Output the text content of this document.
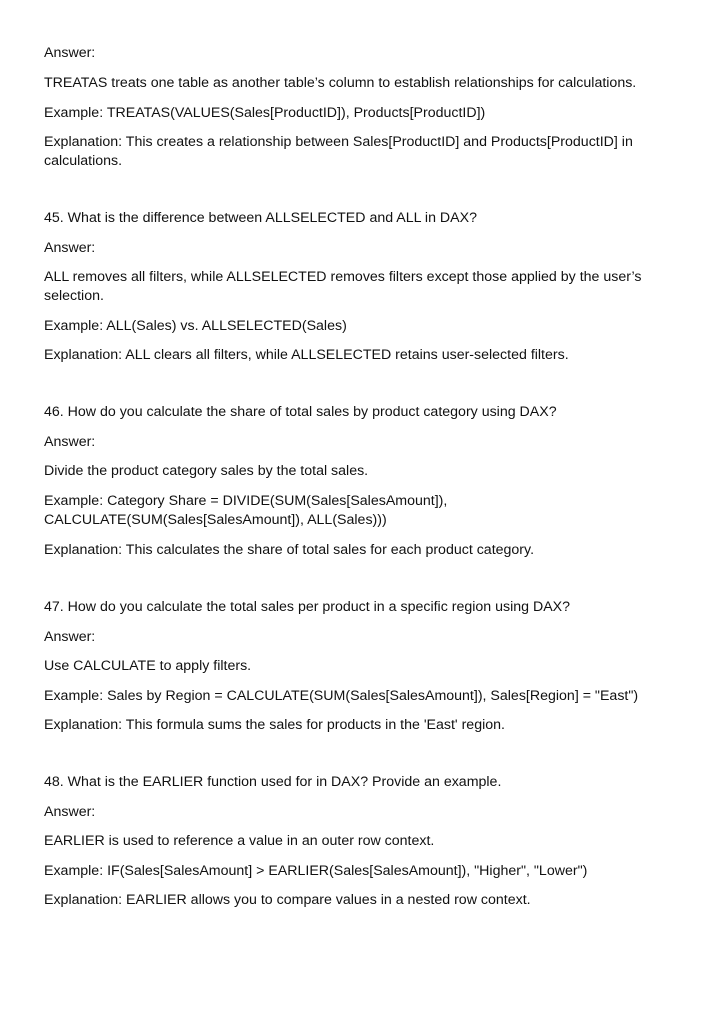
Answer:
TREATAS treats one table as another table’s column to establish relationships for calculations.
Example: TREATAS(VALUES(Sales[ProductID]), Products[ProductID])
Explanation: This creates a relationship between Sales[ProductID] and Products[ProductID] in
calculations.
45. What is the difference between ALLSELECTED and ALL in DAX?
Answer:
ALL removes all filters, while ALLSELECTED removes filters except those applied by the user’s
selection.
Example: ALL(Sales) vs. ALLSELECTED(Sales)
Explanation: ALL clears all filters, while ALLSELECTED retains user-selected filters.
46. How do you calculate the share of total sales by product category using DAX?
Answer:
Divide the product category sales by the total sales.
Example: Category Share = DIVIDE(SUM(Sales[SalesAmount]),
CALCULATE(SUM(Sales[SalesAmount]), ALL(Sales)))
Explanation: This calculates the share of total sales for each product category.
47. How do you calculate the total sales per product in a specific region using DAX?
Answer:
Use CALCULATE to apply filters.
Example: Sales by Region = CALCULATE(SUM(Sales[SalesAmount]), Sales[Region] = "East")
Explanation: This formula sums the sales for products in the 'East' region.
48. What is the EARLIER function used for in DAX? Provide an example.
Answer:
EARLIER is used to reference a value in an outer row context.
Example: IF(Sales[SalesAmount] > EARLIER(Sales[SalesAmount]), "Higher", "Lower")
Explanation: EARLIER allows you to compare values in a nested row context.
